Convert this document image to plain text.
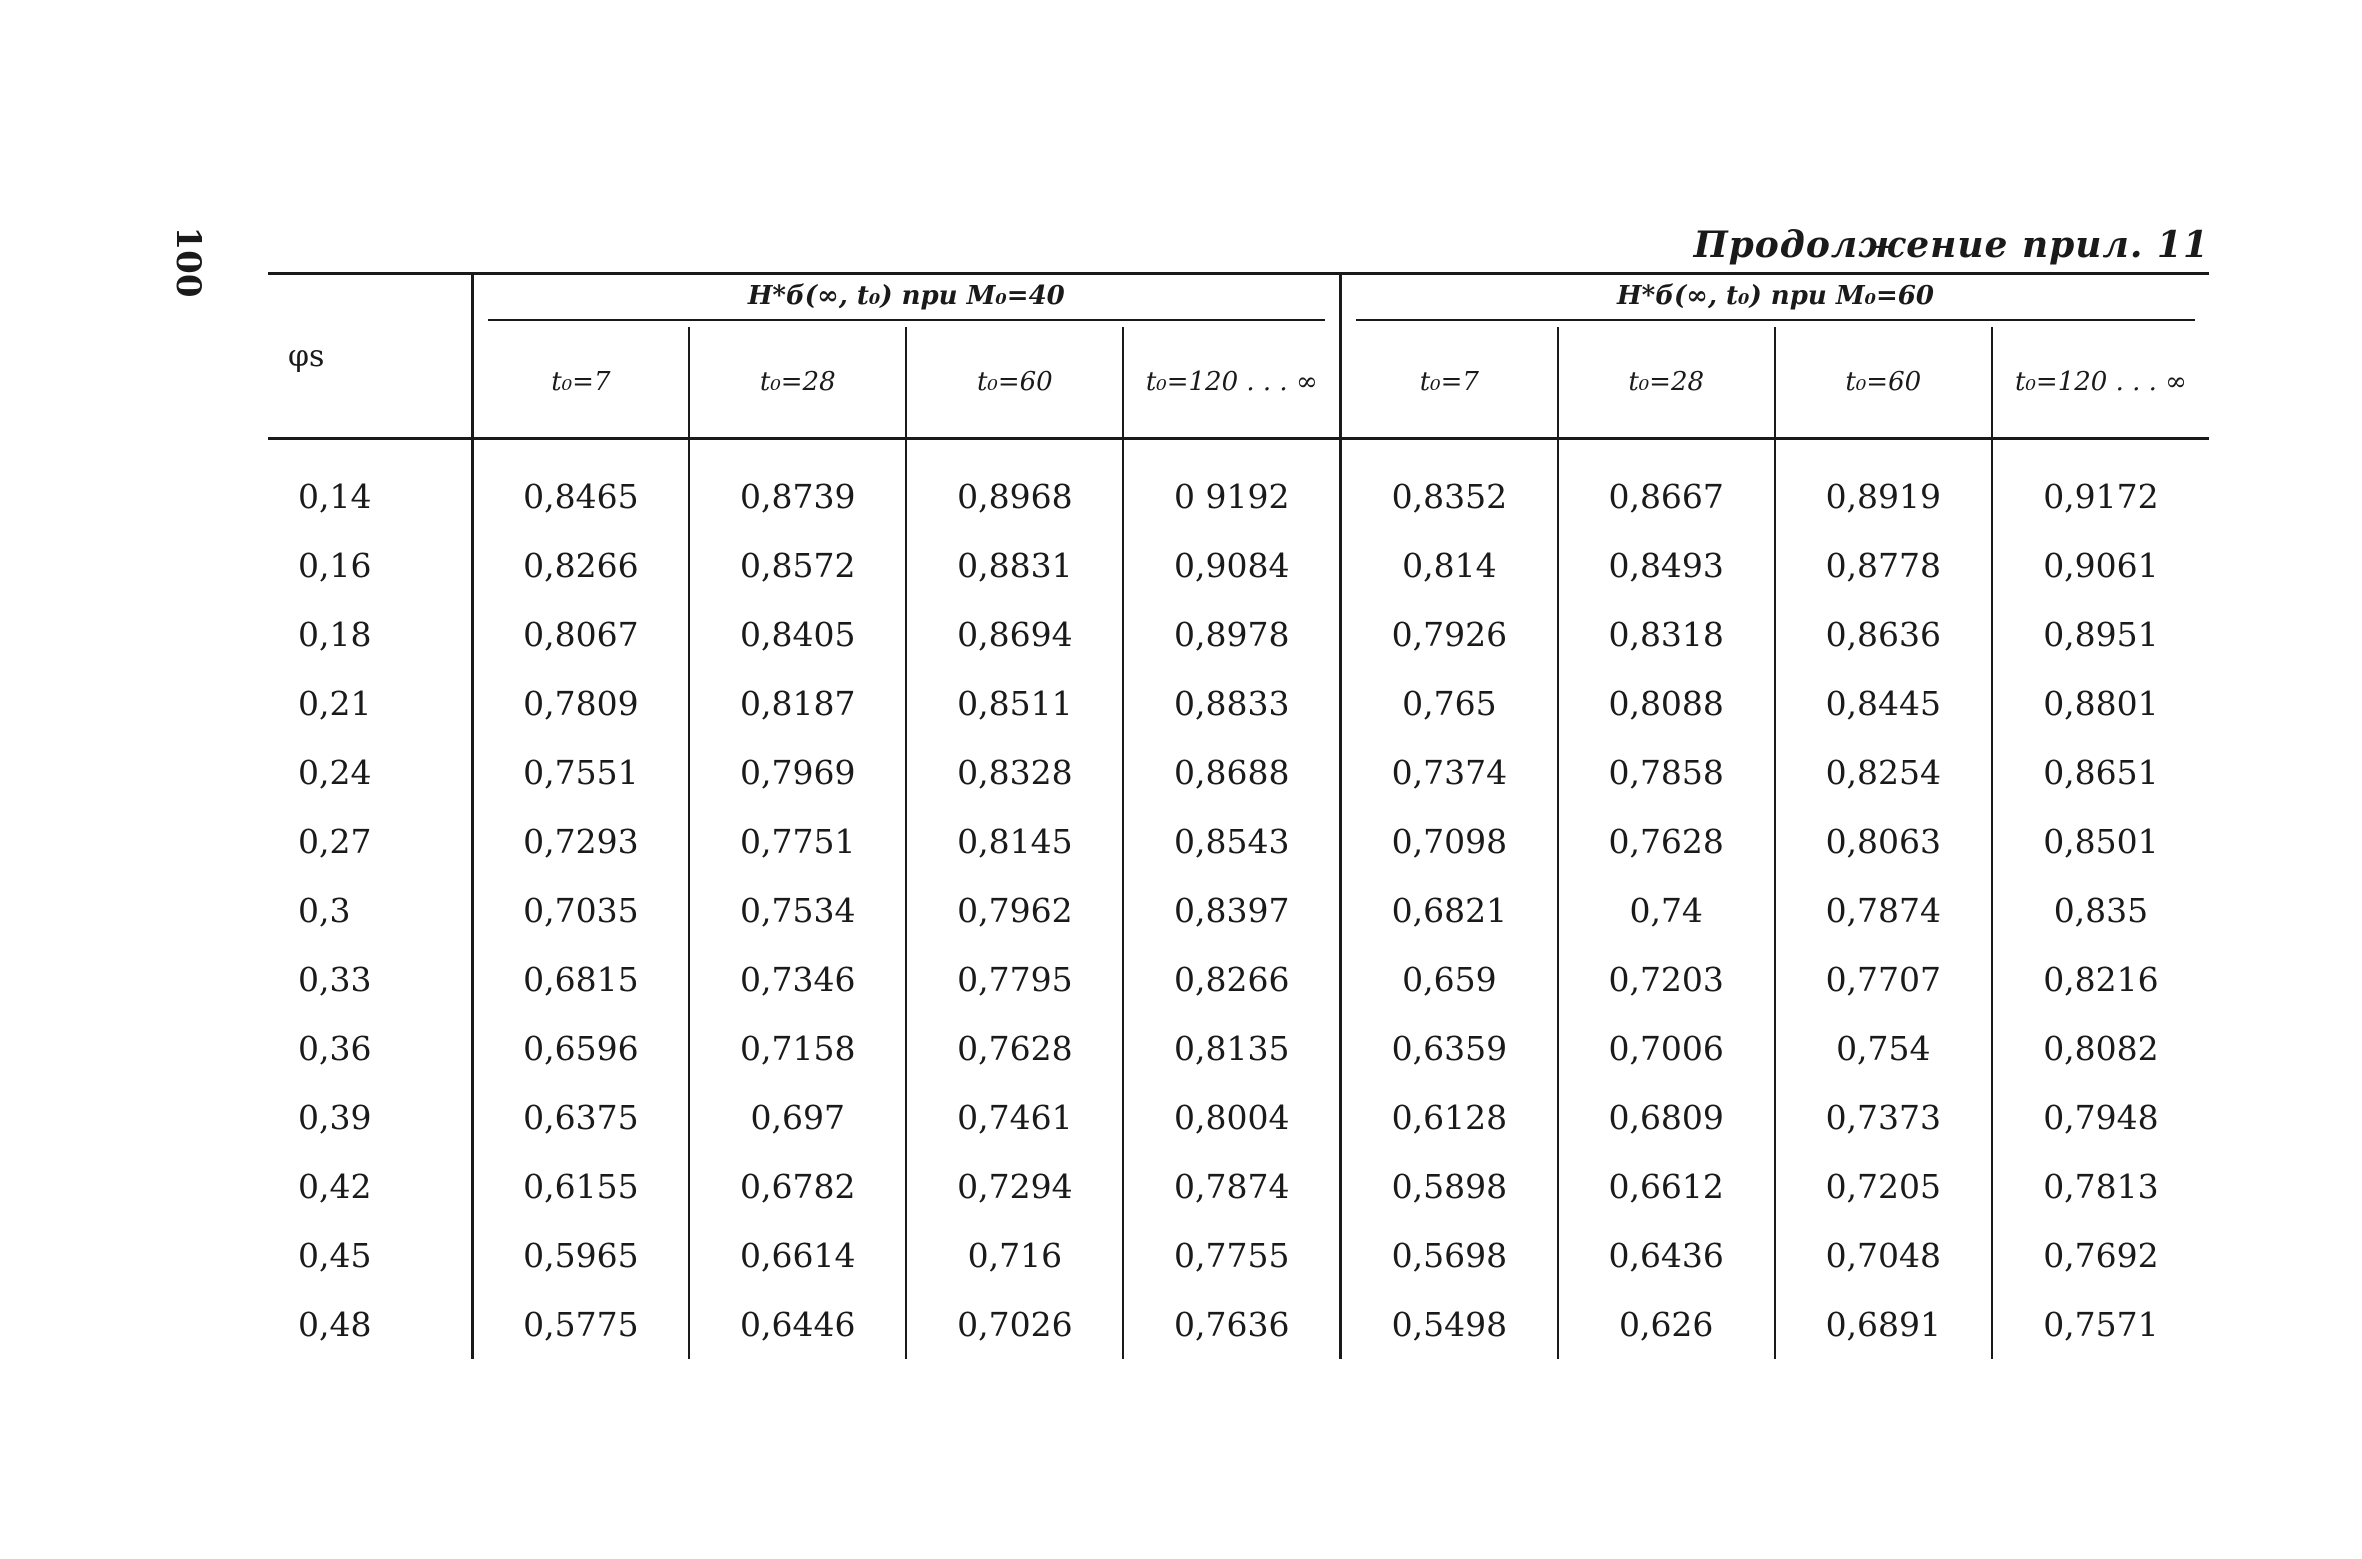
100	Продолжение прил. 11
φs	H*б(∞, t₀) при M₀=40				H*б(∞, t₀) при M₀=60			

	t₀=7	t₀=28	t₀=60	t₀=120 . . . ∞	t₀=7	t₀=28	t₀=60	t₀=120 . . . ∞
0,14	0,8465	0,8739	0,8968	0 9192	0,8352	0,8667	0,8919	0,9172
0,16	0,8266	0,8572	0,8831	0,9084	0,814	0,8493	0,8778	0,9061
0,18	0,8067	0,8405	0,8694	0,8978	0,7926	0,8318	0,8636	0,8951
0,21	0,7809	0,8187	0,8511	0,8833	0,765	0,8088	0,8445	0,8801
0,24	0,7551	0,7969	0,8328	0,8688	0,7374	0,7858	0,8254	0,8651
0,27	0,7293	0,7751	0,8145	0,8543	0,7098	0,7628	0,8063	0,8501
0,3	0,7035	0,7534	0,7962	0,8397	0,6821	0,74	0,7874	0,835
0,33	0,6815	0,7346	0,7795	0,8266	0,659	0,7203	0,7707	0,8216
0,36	0,6596	0,7158	0,7628	0,8135	0,6359	0,7006	0,754	0,8082
0,39	0,6375	0,697	0,7461	0,8004	0,6128	0,6809	0,7373	0,7948
0,42	0,6155	0,6782	0,7294	0,7874	0,5898	0,6612	0,7205	0,7813
0,45	0,5965	0,6614	0,716	0,7755	0,5698	0,6436	0,7048	0,7692
0,48	0,5775	0,6446	0,7026	0,7636	0,5498	0,626	0,6891	0,7571
